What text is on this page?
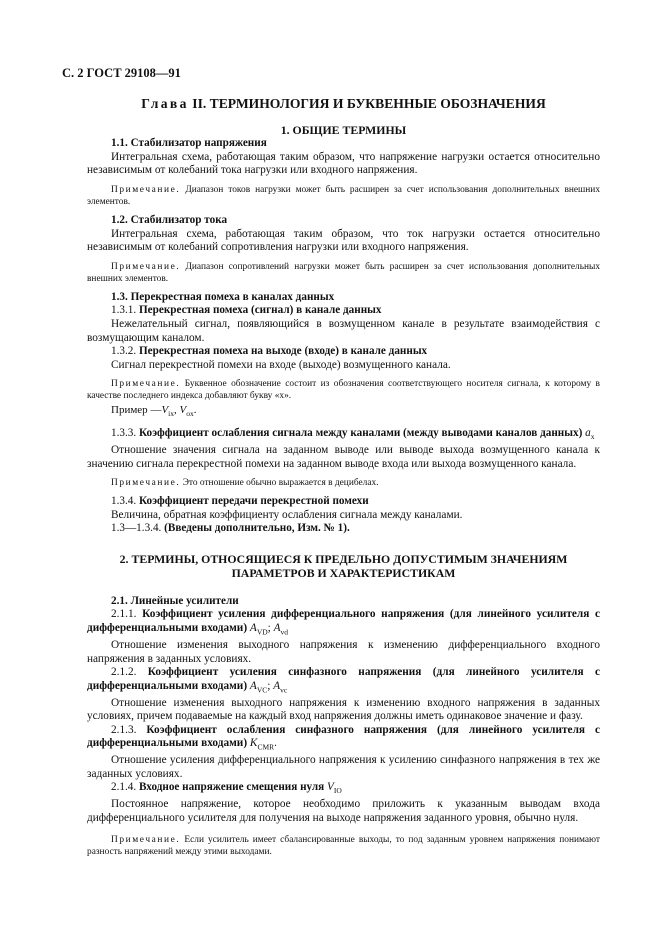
С. 2 ГОСТ 29108—91
Глава II. ТЕРМИНОЛОГИЯ И БУКВЕННЫЕ ОБОЗНАЧЕНИЯ
1. ОБЩИЕ ТЕРМИНЫ
1.1. Стабилизатор напряжения

Интегральная схема, работающая таким образом, что напряжение нагрузки остается относительно независимым от колебаний тока нагрузки или входного напряжения.

Примечание. Диапазон токов нагрузки может быть расширен за счет использования дополнительных внешних элементов.

1.2. Стабилизатор тока

Интегральная схема, работающая таким образом, что ток нагрузки остается относительно независимым от колебаний сопротивления нагрузки или входного напряжения.

Примечание. Диапазон сопротивлений нагрузки может быть расширен за счет использования дополнительных внешних элементов.

1.3. Перекрестная помеха в каналах данных
1.3.1. Перекрестная помеха (сигнал) в канале данных

Нежелательный сигнал, появляющийся в возмущенном канале в результате взаимодействия с возмущающим каналом.

1.3.2. Перекрестная помеха на выходе (входе) в канале данных

Сигнал перекрестной помехи на входе (выходе) возмущенного канала.

Примечание. Буквенное обозначение состоит из обозначения соответствующего носителя сигнала, к которому в качестве последнего индекса добавляют букву «х».

Пример $—V_{ix}$, $V_{ox}$.
1.3.3. Коэффициент ослабления сигнала между каналами (между выводами каналов данных) $a_x$

Отношение значения сигнала на заданном выводе или выводе выхода возмущенного канала к значению сигнала перекрестной помехи на заданном выводе входа или выхода возмущенного канала.

Примечание. Это отношение обычно выражается в децибелах.

1.3.4. Коэффициент передачи перекрестной помехи

Величина, обратная коэффициенту ослабления сигнала между каналами.

1.3—1.3.4. (Введены дополнительно, Изм. № 1).
2. ТЕРМИНЫ, ОТНОСЯЩИЕСЯ К ПРЕДЕЛЬНО ДОПУСТИМЫМ ЗНАЧЕНИЯМ
ПАРАМЕТРОВ И ХАРАКТЕРИСТИКАМ
2.1. Линейные усилители

2.1.1. Коэффициент усиления дифференциального напряжения (для линейного усилителя с дифференциальными входами) $A_{VD}$; $A_{vd}$

Отношение изменения выходного напряжения к изменению дифференциального входного напряжения в заданных условиях.

2.1.2. Коэффициент усиления синфазного напряжения (для линейного усилителя с дифференциальными входами) $A_{VC}$; $A_{vc}$

Отношение изменения выходного напряжения к изменению входного напряжения в заданных условиях, причем подаваемые на каждый вход напряжения должны иметь одинаковое значение и фазу.

2.1.3. Коэффициент ослабления синфазного напряжения (для линейного усилителя с дифференциальными входами) $K_{CMR}$.

Отношение усиления дифференциального напряжения к усилению синфазного напряжения в тех же заданных условиях.

2.1.4. Входное напряжение смещения нуля $V_{IO}$

Постоянное напряжение, которое необходимо приложить к указанным выводам входа дифференциального усилителя для получения на выходе напряжения заданного уровня, обычно нуля.

Примечание. Если усилитель имеет сбалансированные выходы, то под заданным уровнем напряжения понимают разность напряжений между этими выходами.
